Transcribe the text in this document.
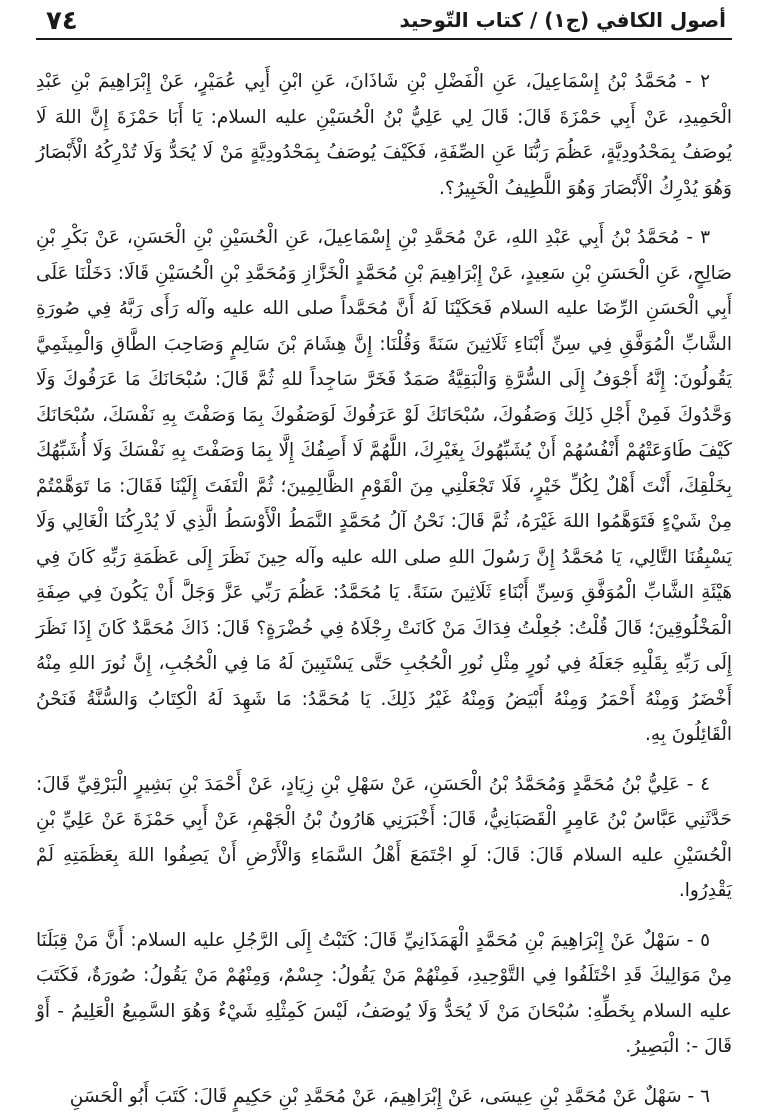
أصول الكافي (ج١) / كتاب التّوحيد
٧٤

٢ - مُحَمَّدُ بْنُ إِسْمَاعِيلَ، عَنِ الْفَضْلِ بْنِ شَاذَانَ، عَنِ ابْنِ أَبِي عُمَيْرٍ، عَنْ إِبْرَاهِيمَ بْنِ عَبْدِ الْحَمِيدِ، عَنْ أَبِي حَمْزَةَ قَالَ: قَالَ لِي عَلِيُّ بْنُ الْحُسَيْنِ عليه السلام: يَا أَبَا حَمْزَةَ إِنَّ اللهَ لَا يُوصَفُ بِمَحْدُودِيَّةٍ، عَظُمَ رَبُّنَا عَنِ الصِّفَةِ، فَكَيْفَ يُوصَفُ بِمَحْدُودِيَّةٍ مَنْ لَا يُحَدُّ وَلَا تُدْرِكُهُ الْأَبْصَارُ وَهُوَ يُدْرِكُ الْأَبْصَارَ وَهُوَ اللَّطِيفُ الْخَبِيرُ؟.

٣ - مُحَمَّدُ بْنُ أَبِي عَبْدِ اللهِ، عَنْ مُحَمَّدِ بْنِ إِسْمَاعِيلَ، عَنِ الْحُسَيْنِ بْنِ الْحَسَنِ، عَنْ بَكْرِ بْنِ صَالِحٍ، عَنِ الْحَسَنِ بْنِ سَعِيدٍ، عَنْ إِبْرَاهِيمَ بْنِ مُحَمَّدٍ الْخَزَّازِ وَمُحَمَّدِ بْنِ الْحُسَيْنِ قَالَا: دَخَلْنَا عَلَى أَبِي الْحَسَنِ الرِّضَا عليه السلام فَحَكَيْنَا لَهُ أَنَّ مُحَمَّداً صلى الله عليه وآله رَأَى رَبَّهُ فِي صُورَةِ الشَّابِّ الْمُوَفَّقِ فِي سِنِّ أَبْنَاءِ ثَلَاثِينَ سَنَةً وَقُلْنَا: إِنَّ هِشَامَ بْنَ سَالِمٍ وَصَاحِبَ الطَّاقِ وَالْمِيثَمِيَّ يَقُولُونَ: إِنَّهُ أَجْوَفُ إِلَى السُّرَّةِ وَالْبَقِيَّةُ صَمَدٌ فَخَرَّ سَاجِداً للهِ ثُمَّ قَالَ: سُبْحَانَكَ مَا عَرَفُوكَ وَلَا وَحَّدُوكَ فَمِنْ أَجْلِ ذَلِكَ وَصَفُوكَ، سُبْحَانَكَ لَوْ عَرَفُوكَ لَوَصَفُوكَ بِمَا وَصَفْتَ بِهِ نَفْسَكَ، سُبْحَانَكَ كَيْفَ طَاوَعَتْهُمْ أَنْفُسُهُمْ أَنْ يُشَبِّهُوكَ بِغَيْرِكَ، اللَّهُمَّ لَا أَصِفُكَ إِلَّا بِمَا وَصَفْتَ بِهِ نَفْسَكَ وَلَا أُشَبِّهُكَ بِخَلْقِكَ، أَنْتَ أَهْلٌ لِكُلِّ خَيْرٍ، فَلَا تَجْعَلْنِي مِنَ الْقَوْمِ الظَّالِمِينَ؛ ثُمَّ الْتَفَتَ إِلَيْنَا فَقَالَ: مَا تَوَهَّمْتُمْ مِنْ شَيْءٍ فَتَوَهَّمُوا اللهَ غَيْرَهُ، ثُمَّ قَالَ: نَحْنُ آلُ مُحَمَّدٍ النَّمَطُ الْأَوْسَطُ الَّذِي لَا يُدْرِكُنَا الْغَالِي وَلَا يَسْبِقُنَا التَّالِي، يَا مُحَمَّدُ إِنَّ رَسُولَ اللهِ صلى الله عليه وآله حِينَ نَظَرَ إِلَى عَظَمَةِ رَبِّهِ كَانَ فِي هَيْئَةِ الشَّابِّ الْمُوَفَّقِ وَسِنِّ أَبْنَاءِ ثَلَاثِينَ سَنَةً. يَا مُحَمَّدُ: عَظُمَ رَبِّي عَزَّ وَجَلَّ أَنْ يَكُونَ فِي صِفَةِ الْمَخْلُوقِينَ؛ قَالَ قُلْتُ: جُعِلْتُ فِدَاكَ مَنْ كَانَتْ رِجْلَاهُ فِي خُضْرَةٍ؟ قَالَ: ذَاكَ مُحَمَّدٌ كَانَ إِذَا نَظَرَ إِلَى رَبِّهِ بِقَلْبِهِ جَعَلَهُ فِي نُورٍ مِثْلِ نُورِ الْحُجُبِ حَتَّى يَسْتَبِينَ لَهُ مَا فِي الْحُجُبِ، إِنَّ نُورَ اللهِ مِنْهُ أَخْضَرُ وَمِنْهُ أَحْمَرُ وَمِنْهُ أَبْيَضُ وَمِنْهُ غَيْرُ ذَلِكَ. يَا مُحَمَّدُ: مَا شَهِدَ لَهُ الْكِتَابُ وَالسُّنَّةُ فَنَحْنُ الْقَائِلُونَ بِهِ.

٤ - عَلِيُّ بْنُ مُحَمَّدٍ وَمُحَمَّدُ بْنُ الْحَسَنِ، عَنْ سَهْلِ بْنِ زِيَادٍ، عَنْ أَحْمَدَ بْنِ بَشِيرٍ الْبَرْقِيِّ قَالَ: حَدَّثَنِي عَبَّاسُ بْنُ عَامِرٍ الْقَصَبَانِيُّ، قَالَ: أَخْبَرَنِي هَارُونُ بْنُ الْجَهْمِ، عَنْ أَبِي حَمْزَةَ عَنْ عَلِيِّ بْنِ الْحُسَيْنِ عليه السلام قَالَ: قَالَ: لَوِ اجْتَمَعَ أَهْلُ السَّمَاءِ وَالْأَرْضِ أَنْ يَصِفُوا اللهَ بِعَظَمَتِهِ لَمْ يَقْدِرُوا.

٥ - سَهْلٌ عَنْ إِبْرَاهِيمَ بْنِ مُحَمَّدٍ الْهَمَذَانِيِّ قَالَ: كَتَبْتُ إِلَى الرَّجُلِ عليه السلام: أَنَّ مَنْ قِبَلَنَا مِنْ مَوَالِيكَ قَدِ اخْتَلَفُوا فِي التَّوْحِيدِ، فَمِنْهُمْ مَنْ يَقُولُ: جِسْمٌ، وَمِنْهُمْ مَنْ يَقُولُ: صُورَةٌ، فَكَتَبَ عليه السلام بِخَطِّهِ: سُبْحَانَ مَنْ لَا يُحَدُّ وَلَا يُوصَفُ، لَيْسَ كَمِثْلِهِ شَيْءٌ وَهُوَ السَّمِيعُ الْعَلِيمُ - أَوْ قَالَ -: الْبَصِيرُ.

٦ - سَهْلٌ عَنْ مُحَمَّدِ بْنِ عِيسَى، عَنْ إِبْرَاهِيمَ، عَنْ مُحَمَّدِ بْنِ حَكِيمٍ قَالَ: كَتَبَ أَبُو الْحَسَنِ
